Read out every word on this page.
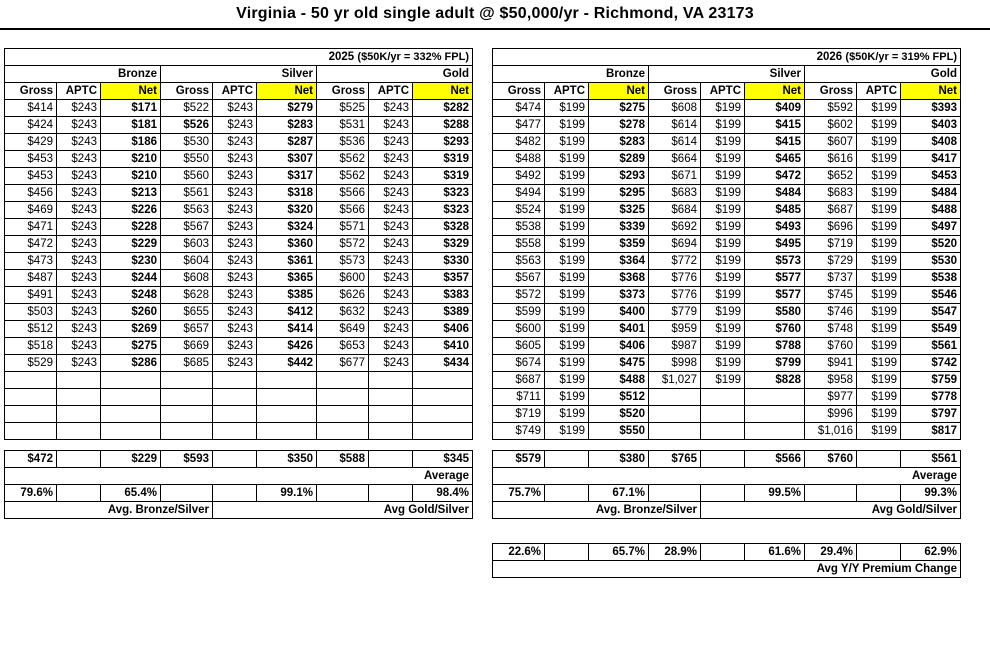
Virginia - 50 yr old single adult @ $50,000/yr - Richmond, VA 23173
2025 ($50K/yr = 332% FPL)								
Bronze			Silver			Gold		
Gross	APTC	Net	Gross	APTC	Net	Gross	APTC	Net
$414	$243	$171	$522	$243	$279	$525	$243	$282
$424	$243	$181	$526	$243	$283	$531	$243	$288
$429	$243	$186	$530	$243	$287	$536	$243	$293
$453	$243	$210	$550	$243	$307	$562	$243	$319
$453	$243	$210	$560	$243	$317	$562	$243	$319
$456	$243	$213	$561	$243	$318	$566	$243	$323
$469	$243	$226	$563	$243	$320	$566	$243	$323
$471	$243	$228	$567	$243	$324	$571	$243	$328
$472	$243	$229	$603	$243	$360	$572	$243	$329
$473	$243	$230	$604	$243	$361	$573	$243	$330
$487	$243	$244	$608	$243	$365	$600	$243	$357
$491	$243	$248	$628	$243	$385	$626	$243	$383
$503	$243	$260	$655	$243	$412	$632	$243	$389
$512	$243	$269	$657	$243	$414	$649	$243	$406
$518	$243	$275	$669	$243	$426	$653	$243	$410
$529	$243	$286	$685	$243	$442	$677	$243	$434

$472		$229	$593		$350	$588		$345
Average								
79.6%		65.4%			99.1%			98.4%
Avg. Bronze/Silver				Avg Gold/Silver				
2026 ($50K/yr = 319% FPL)								
Bronze			Silver			Gold		
Gross	APTC	Net	Gross	APTC	Net	Gross	APTC	Net
$474	$199	$275	$608	$199	$409	$592	$199	$393
$477	$199	$278	$614	$199	$415	$602	$199	$403
$482	$199	$283	$614	$199	$415	$607	$199	$408
$488	$199	$289	$664	$199	$465	$616	$199	$417
$492	$199	$293	$671	$199	$472	$652	$199	$453
$494	$199	$295	$683	$199	$484	$683	$199	$484
$524	$199	$325	$684	$199	$485	$687	$199	$488
$538	$199	$339	$692	$199	$493	$696	$199	$497
$558	$199	$359	$694	$199	$495	$719	$199	$520
$563	$199	$364	$772	$199	$573	$729	$199	$530
$567	$199	$368	$776	$199	$577	$737	$199	$538
$572	$199	$373	$776	$199	$577	$745	$199	$546
$599	$199	$400	$779	$199	$580	$746	$199	$547
$600	$199	$401	$959	$199	$760	$748	$199	$549
$605	$199	$406	$987	$199	$788	$760	$199	$561
$674	$199	$475	$998	$199	$799	$941	$199	$742
$687	$199	$488	$1,027	$199	$828	$958	$199	$759
$711	$199	$512				$977	$199	$778
$719	$199	$520				$996	$199	$797
$749	$199	$550				$1,016	$199	$817
$579		$380	$765		$566	$760		$561
Average								
75.7%		67.1%			99.5%			99.3%
Avg. Bronze/Silver				Avg Gold/Silver				
22.6%		65.7%	28.9%		61.6%	29.4%		62.9%
Avg Y/Y Premium Change
